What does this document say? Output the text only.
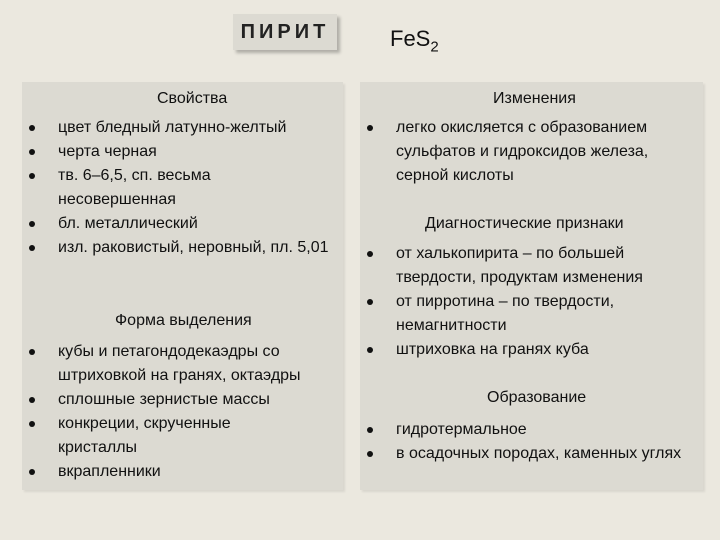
ПИРИТ	FeS$_2$
Свойства
цвет бледный латунно-желтый
черта черная
тв. 6–6,5, сп. весьма несовершенная
бл. металлический
изл. раковистый, неровный, пл. 5,01
Форма выделения
кубы и петагондодекаэдры со штриховкой на гранях, октаэдры
сплошные зернистые массы
конкреции, скрученные кристаллы
вкрапленники
Изменения
легко окисляется с образованием сульфатов и гидроксидов железа, серной кислоты
Диагностические признаки
от халькопирита – по большей твердости, продуктам изменения
от пирротина – по твердости, немагнитности
штриховка на гранях куба
Образование
гидротермальное
в осадочных породах, каменных углях
